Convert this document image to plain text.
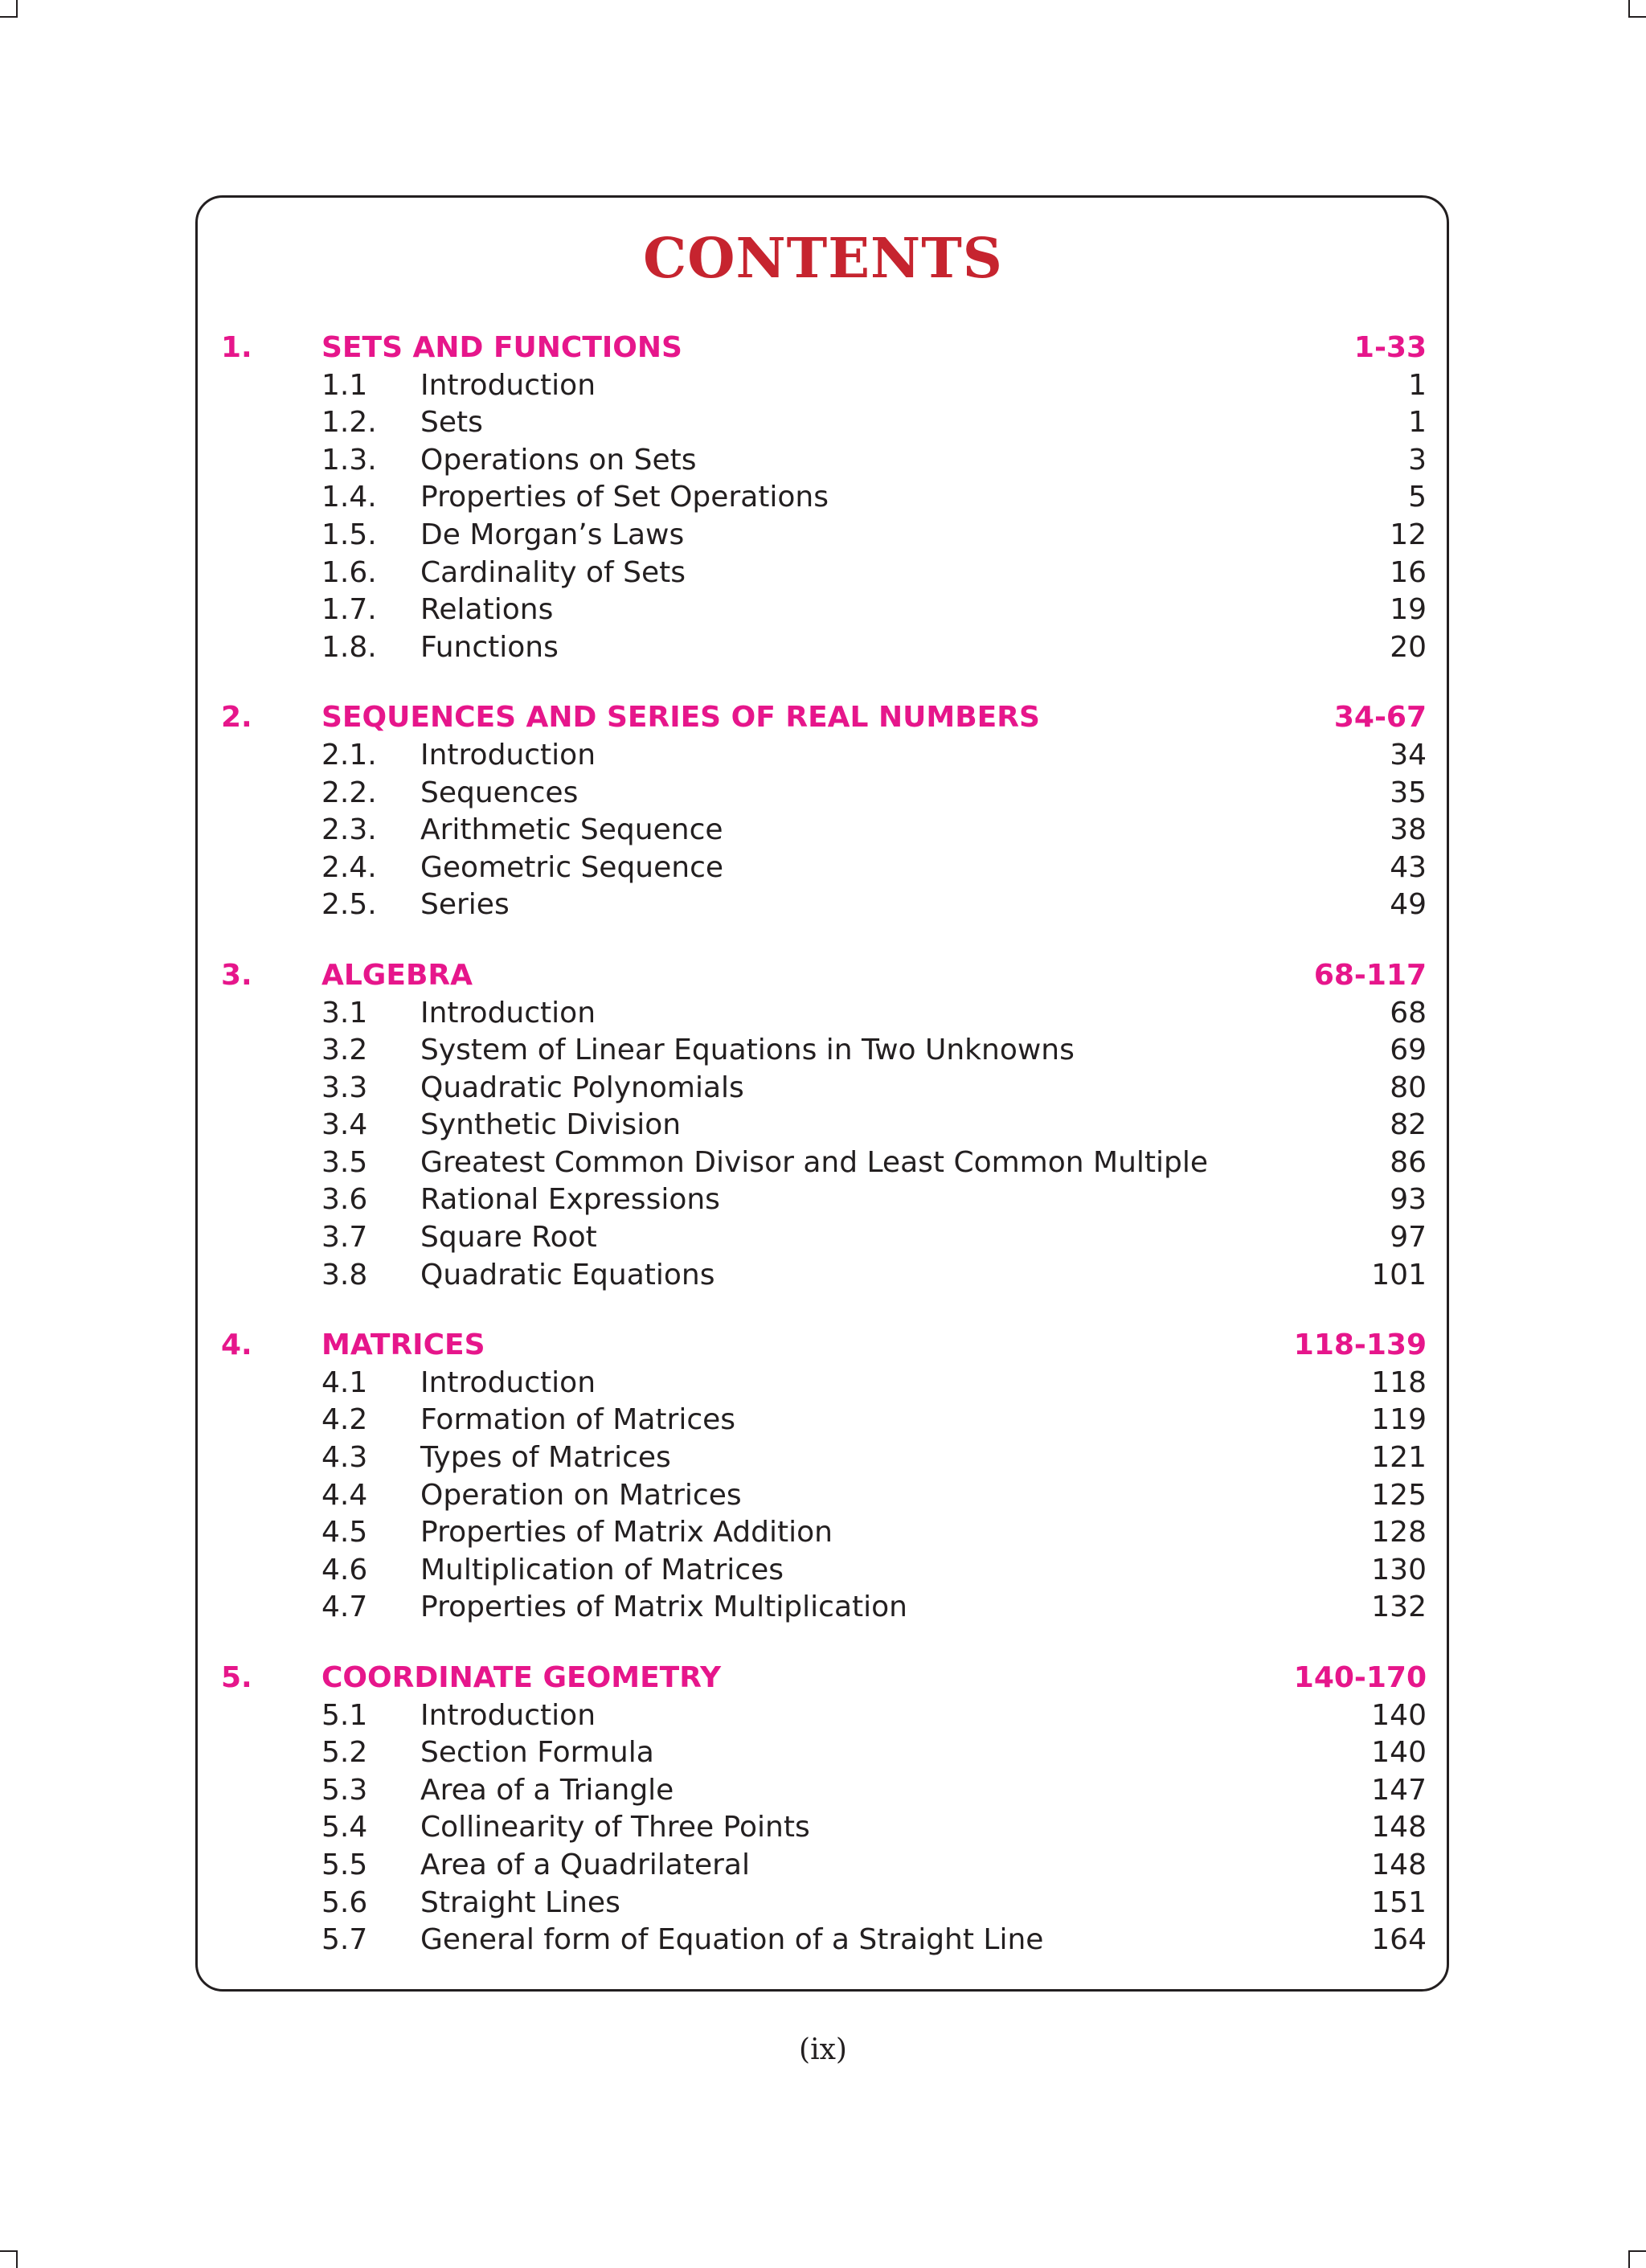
CONTENTS
1. SETS AND FUNCTIONS	1-33
1.1 Introduction	1
1.2. Sets	1
1.3. Operations on Sets	3
1.4. Properties of Set Operations	5
1.5. De Morgan’s Laws	12
1.6. Cardinality of Sets	16
1.7. Relations	19
1.8. Functions	20
2. SEQUENCES AND SERIES OF REAL NUMBERS	34-67
2.1. Introduction	34
2.2. Sequences	35
2.3. Arithmetic Sequence	38
2.4. Geometric Sequence	43
2.5. Series	49
3. ALGEBRA	68-117
3.1 Introduction	68
3.2 System of Linear Equations in Two Unknowns	69
3.3 Quadratic Polynomials	80
3.4 Synthetic Division	82
3.5 Greatest Common Divisor and Least Common Multiple	86
3.6 Rational Expressions	93
3.7 Square Root	97
3.8 Quadratic Equations	101
4. MATRICES	118-139
4.1 Introduction	118
4.2 Formation of Matrices	119
4.3 Types of Matrices	121
4.4 Operation on Matrices	125
4.5 Properties of Matrix Addition	128
4.6 Multiplication of Matrices	130
4.7 Properties of Matrix Multiplication	132
5. COORDINATE GEOMETRY	140-170
5.1 Introduction	140
5.2 Section Formula	140
5.3 Area of a Triangle	147
5.4 Collinearity of Three Points	148
5.5 Area of a Quadrilateral	148
5.6 Straight Lines	151
5.7 General form of Equation of a Straight Line	164
(ix)
